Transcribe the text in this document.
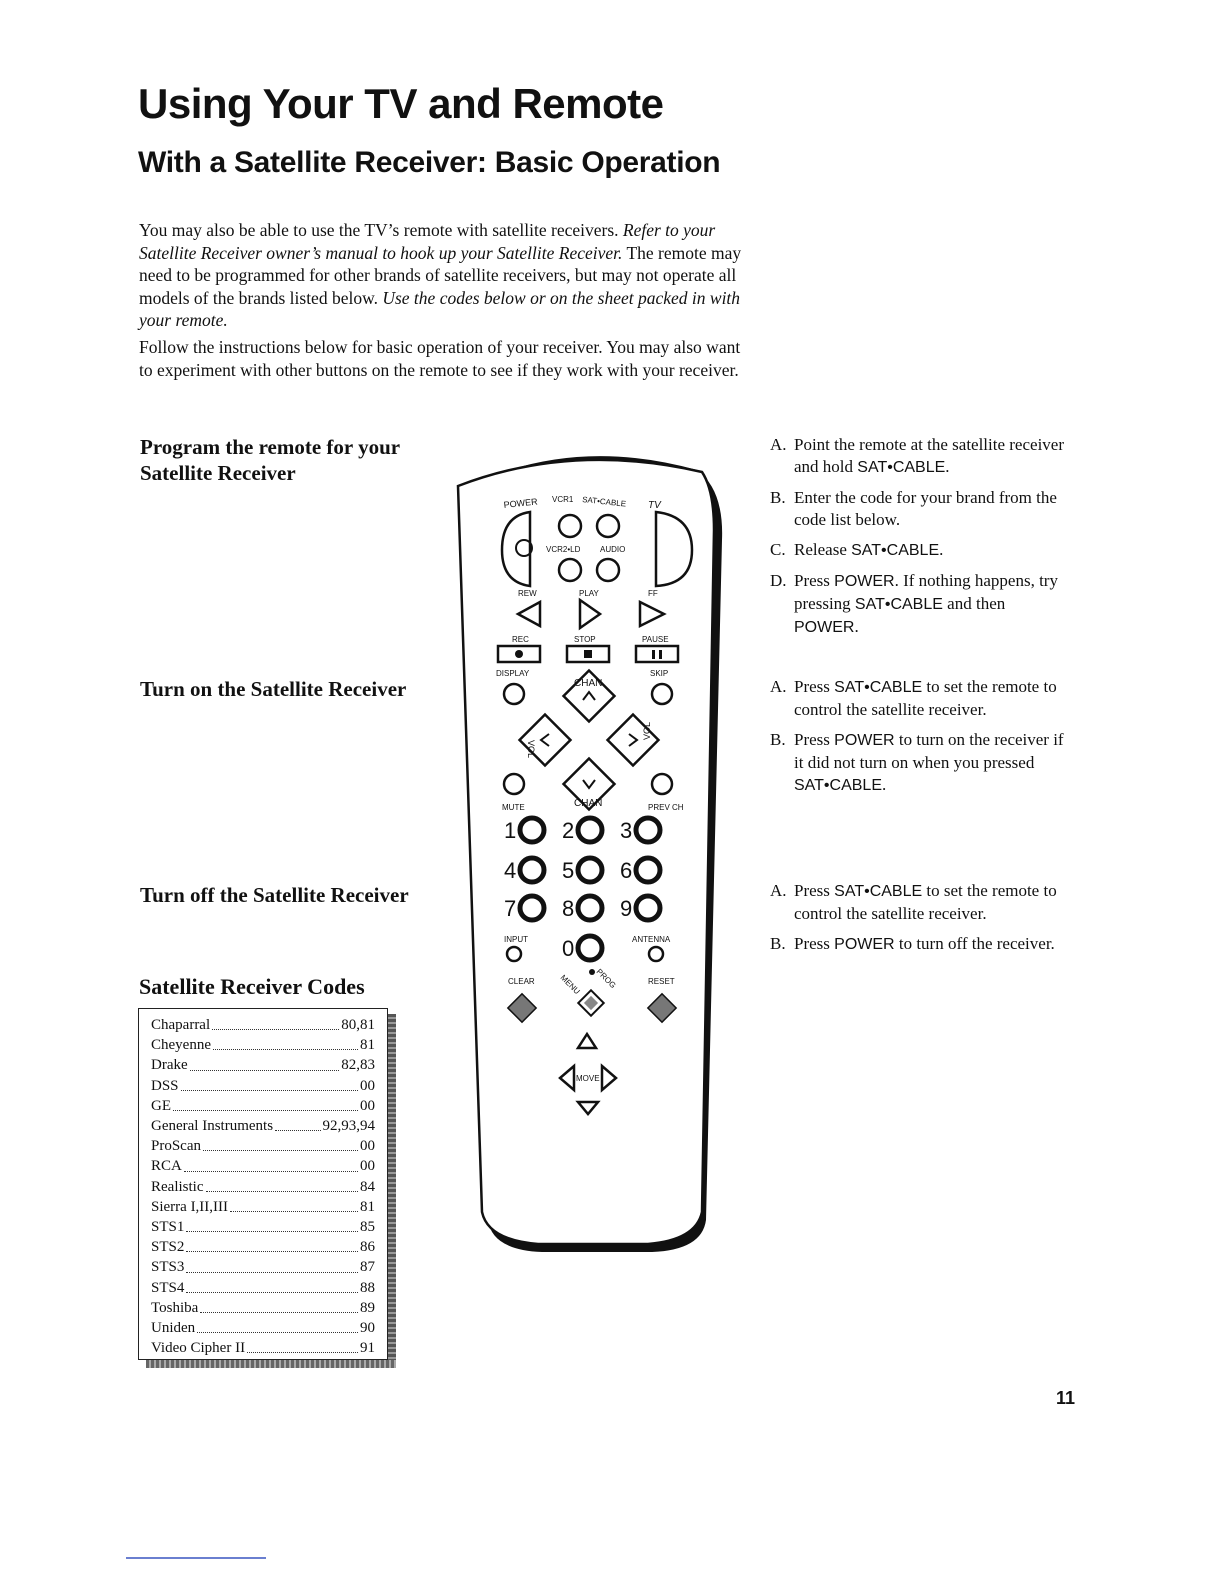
Using Your TV and Remote
With a Satellite Receiver: Basic Operation
You may also be able to use the TV’s remote with satellite receivers. Refer to your Satellite Receiver owner’s manual to hook up your Satellite Receiver. The remote may need to be programmed for other brands of satellite receivers, but may not operate all models of the brands listed below. Use the codes below or on the sheet packed in with your remote.
Follow the instructions below for basic operation of your receiver. You may also want to experiment with other buttons on the remote to see if they work with your receiver.
Program the remote for your Satellite Receiver
Turn on the Satellite Receiver
Turn off the Satellite Receiver
Satellite Receiver Codes
Chaparral	80,81
Cheyenne	81
Drake	82,83
DSS	00
GE	00
General Instruments	92,93,94
ProScan	00
RCA	00
Realistic	84
Sierra I,II,III	81
STS1	85
STS2	86
STS3	87
STS4	88
Toshiba	89
Uniden	90
Video Cipher II	91
A. Point the remote at the satellite receiver and hold SAT•CABLE.
B. Enter the code for your brand from the code list below.
C. Release SAT•CABLE.
D. Press POWER. If nothing happens, try pressing SAT•CABLE and then POWER.
A. Press SAT•CABLE to set the remote to control the satellite receiver.
B. Press POWER to turn on the receiver if it did not turn on when you pressed SAT•CABLE.
A. Press SAT•CABLE to set the remote to control the satellite receiver.
B. Press POWER to turn off the receiver.
POWER VCR1 SAT•CABLE TV
VCR2•LD AUDIO
REW	PLAY	FF
REC	STOP	PAUSE
DISPLAY	SKIP
CHAN
VOL
VOL
MUTE	CHAN	PREV CH
1 2 3
4 5 6
7 8 9
0
INPUT	ANTENNA
CLEAR	RESET
MENU PROG
MOVE
11
